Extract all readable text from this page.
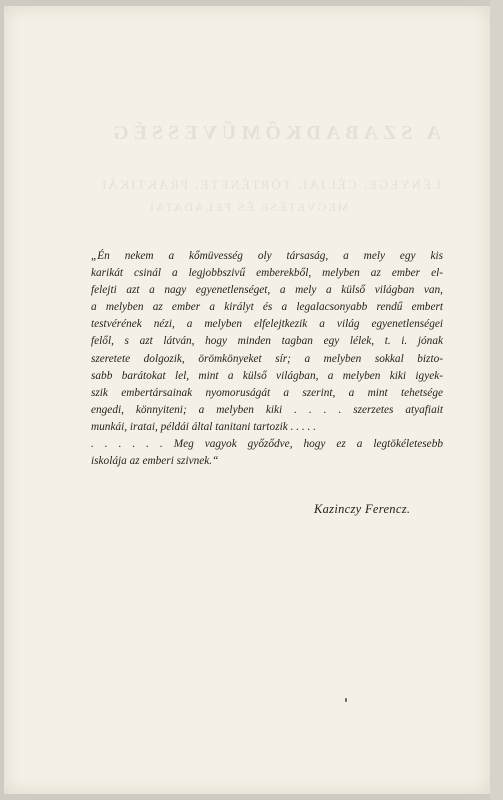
A SZABADKŐMŰVESSÉG
LÉNYEGE, CÉLJAI, TÖRTÉNETE, PRAKTIKÁI
MEGVETÉSE ÉS FELADATAI
„Én nekem a kőmüvesség oly társaság, a mely egy kis
karikát csinál a legjobbszivű emberekből, melyben az ember el-
felejti azt a nagy egyenetlenséget, a mely a külső világban van,
a melyben az ember a királyt és a legalacsonyabb rendű embert
testvérének nézi, a melyben elfelejtkezik a világ egyenetlenségei
felől, s azt látván, hogy minden tagban egy lélek, t. i. jónak
szeretete dolgozik, örömkönyeket sír; a melyben sokkal bizto-
sabb barátokat lel, mint a külső világban, a melyben kiki igyek-
szik embertársainak nyomoruságát a szerint, a mint tehetsége
engedi, könnyiteni; a melyben kiki . . . . szerzetes atyafiait
munkái, iratai, példái által tanitani tartozik . . . . .
. . . . . . Meg vagyok győződve, hogy ez a legtökéletesebb
iskolája az emberi szivnek.“
Kazinczy Ferencz.
